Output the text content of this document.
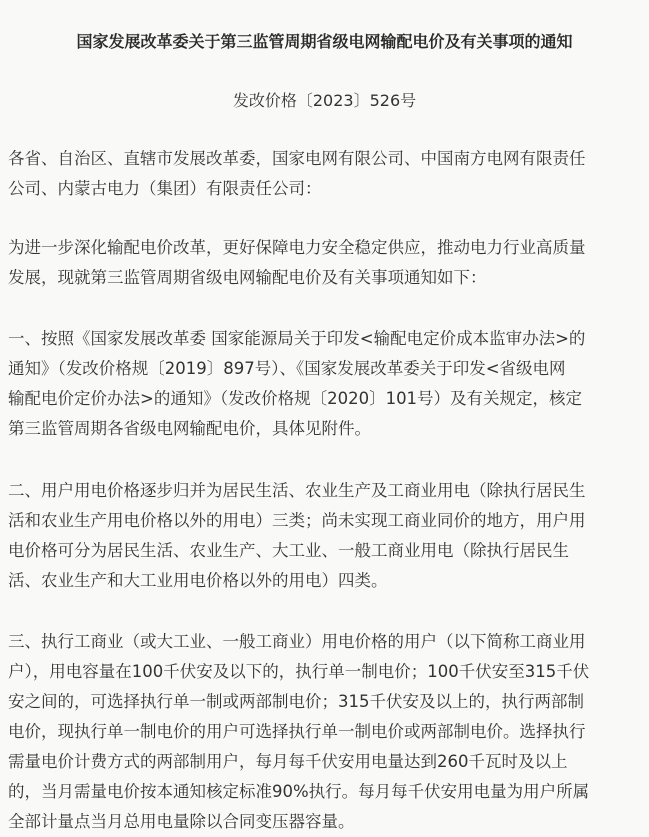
国家发展改革委关于第三监管周期省级电网输配电价及有关事项的通知
发改价格〔2023〕526号
各省、自治区、直辖市发展改革委，国家电网有限公司、中国南方电网有限责任
公司、内蒙古电力（集团）有限责任公司：
为进一步深化输配电价改革，更好保障电力安全稳定供应，推动电力行业高质量
发展，现就第三监管周期省级电网输配电价及有关事项通知如下：
一、按照《国家发展改革委 国家能源局关于印发<输配电定价成本监审办法>的
通知》（发改价格规〔2019〕897号）、《国家发展改革委关于印发<省级电网
输配电价定价办法>的通知》（发改价格规〔2020〕101号）及有关规定，核定
第三监管周期各省级电网输配电价，具体见附件。
二、用户用电价格逐步归并为居民生活、农业生产及工商业用电（除执行居民生
活和农业生产用电价格以外的用电）三类；尚未实现工商业同价的地方，用户用
电价格可分为居民生活、农业生产、大工业、一般工商业用电（除执行居民生
活、农业生产和大工业用电价格以外的用电）四类。
三、执行工商业（或大工业、一般工商业）用电价格的用户（以下简称工商业用
户），用电容量在100千伏安及以下的，执行单一制电价；100千伏安至315千伏
安之间的，可选择执行单一制或两部制电价；315千伏安及以上的，执行两部制
电价，现执行单一制电价的用户可选择执行单一制电价或两部制电价。选择执行
需量电价计费方式的两部制用户，每月每千伏安用电量达到260千瓦时及以上
的，当月需量电价按本通知核定标准90%执行。每月每千伏安用电量为用户所属
全部计量点当月总用电量除以合同变压器容量。
